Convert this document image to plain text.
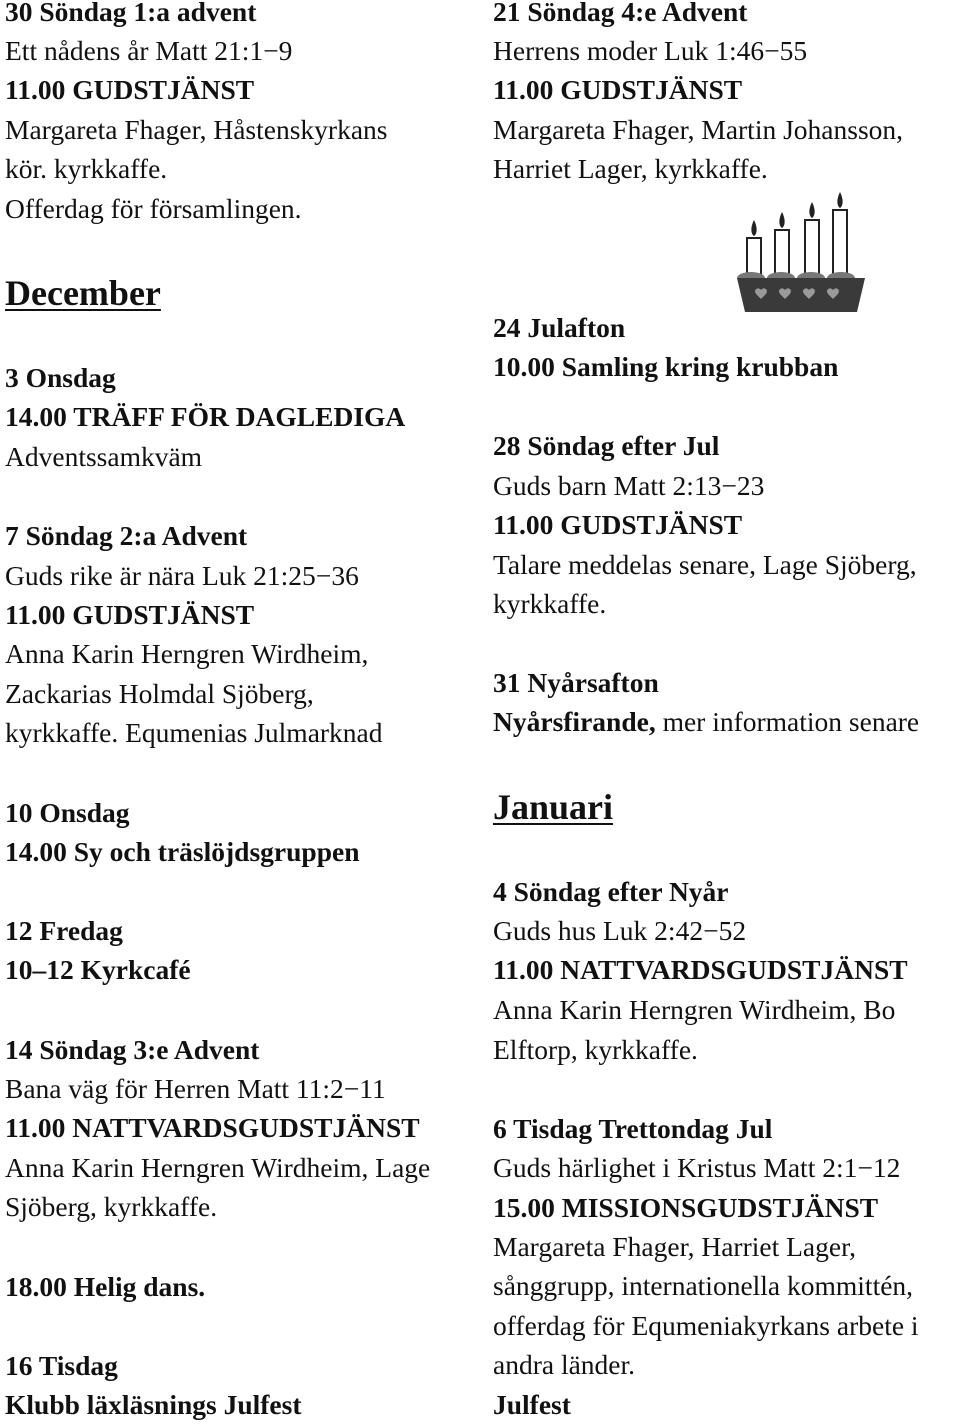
30 Söndag 1:a advent
Ett nådens år Matt 21:1−9
11.00 GUDSTJÄNST
Margareta Fhager, Håstenskyrkans
kör. kyrkkaffe.
Offerdag för församlingen.
December
3 Onsdag
14.00 TRÄFF FÖR DAGLEDIGA
Adventssamkväm
7 Söndag 2:a Advent
Guds rike är nära Luk 21:25−36
11.00 GUDSTJÄNST
Anna Karin Herngren Wirdheim,
Zackarias Holmdal Sjöberg,
kyrkkaffe. Equmenias Julmarknad
10 Onsdag
14.00 Sy och träslöjdsgruppen
12 Fredag
10–12 Kyrkcafé
14 Söndag 3:e Advent
Bana väg för Herren Matt 11:2−11
11.00 NATTVARDSGUDSTJÄNST
Anna Karin Herngren Wirdheim, Lage
Sjöberg, kyrkkaffe.
18.00 Helig dans.
16 Tisdag
Klubb läxläsnings Julfest
21 Söndag 4:e Advent
Herrens moder Luk 1:46−55
11.00 GUDSTJÄNST
Margareta Fhager, Martin Johansson,
Harriet Lager, kyrkkaffe.
24 Julafton
10.00 Samling kring krubban
28 Söndag efter Jul
Guds barn Matt 2:13−23
11.00 GUDSTJÄNST
Talare meddelas senare, Lage Sjöberg,
kyrkkaffe.
31 Nyårsafton
Nyårsfirande, mer information senare
Januari
4 Söndag efter Nyår
Guds hus Luk 2:42−52
11.00 NATTVARDSGUDSTJÄNST
Anna Karin Herngren Wirdheim, Bo
Elftorp, kyrkkaffe.
6 Tisdag Trettondag Jul
Guds härlighet i Kristus Matt 2:1−12
15.00 MISSIONSGUDSTJÄNST
Margareta Fhager, Harriet Lager,
sånggrupp, internationella kommittén,
offerdag för Equmeniakyrkans arbete i
andra länder.
Julfest
